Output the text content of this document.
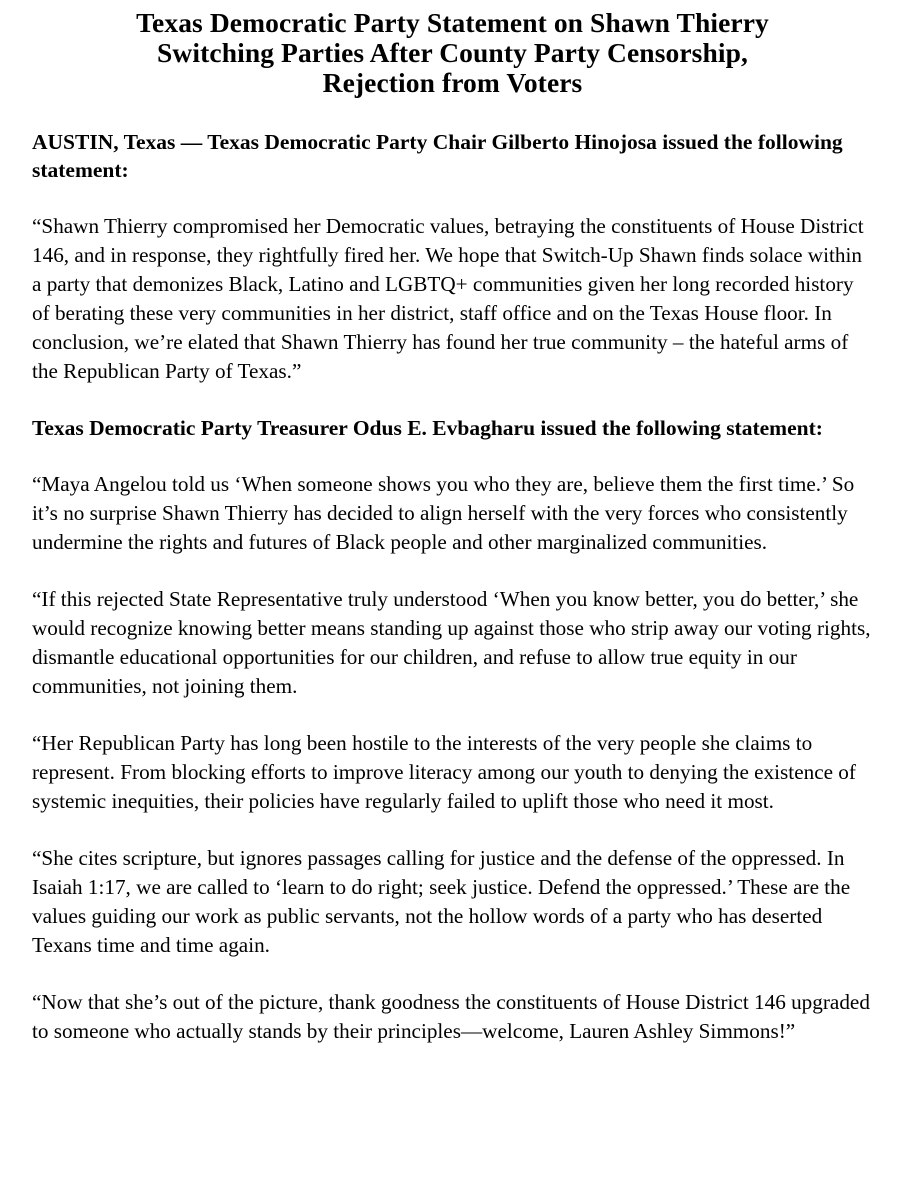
Texas Democratic Party Statement on Shawn Thierry
Switching Parties After County Party Censorship,
Rejection from Voters

AUSTIN, Texas — Texas Democratic Party Chair Gilberto Hinojosa issued the following statement:

“Shawn Thierry compromised her Democratic values, betraying the constituents of House District 146, and in response, they rightfully fired her. We hope that Switch-Up Shawn finds solace within a party that demonizes Black, Latino and LGBTQ+ communities given her long recorded history of berating these very communities in her district, staff office and on the Texas House floor. In conclusion, we’re elated that Shawn Thierry has found her true community – the hateful arms of the Republican Party of Texas.”

Texas Democratic Party Treasurer Odus E. Evbagharu issued the following statement:

“Maya Angelou told us ‘When someone shows you who they are, believe them the first time.’ So it’s no surprise Shawn Thierry has decided to align herself with the very forces who consistently undermine the rights and futures of Black people and other marginalized communities.

“If this rejected State Representative truly understood ‘When you know better, you do better,’ she would recognize knowing better means standing up against those who strip away our voting rights, dismantle educational opportunities for our children, and refuse to allow true equity in our communities, not joining them.

“Her Republican Party has long been hostile to the interests of the very people she claims to represent. From blocking efforts to improve literacy among our youth to denying the existence of systemic inequities, their policies have regularly failed to uplift those who need it most.

“She cites scripture, but ignores passages calling for justice and the defense of the oppressed. In Isaiah 1:17, we are called to ‘learn to do right; seek justice. Defend the oppressed.’ These are the values guiding our work as public servants, not the hollow words of a party who has deserted Texans time and time again.

“Now that she’s out of the picture, thank goodness the constituents of House District 146 upgraded to someone who actually stands by their principles—welcome, Lauren Ashley Simmons!”
